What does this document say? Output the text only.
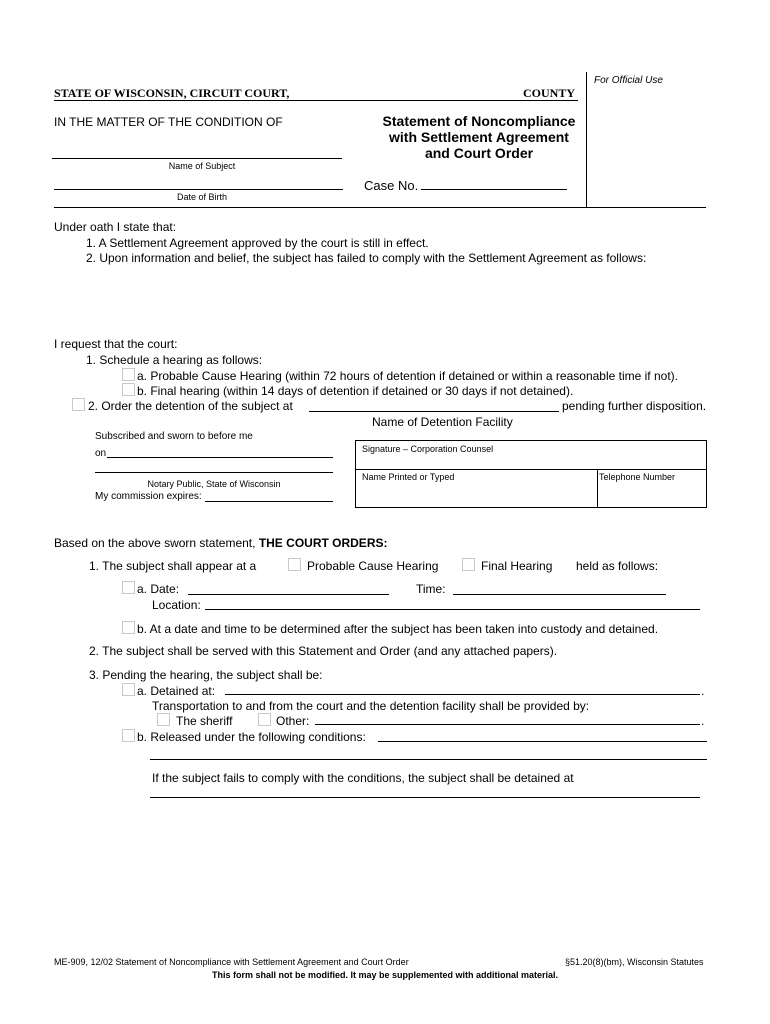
For Official Use
STATE OF WISCONSIN, CIRCUIT COURT,	COUNTY
IN THE MATTER OF THE CONDITION OF	Statement of Noncompliance
with Settlement Agreement
and Court Order
Name of Subject
Date of Birth
Case No.
Under oath I state that:
1. A Settlement Agreement approved by the court is still in effect.
2. Upon information and belief, the subject has failed to comply with the Settlement Agreement as follows:
I request that the court:
1. Schedule a hearing as follows:
a. Probable Cause Hearing (within 72 hours of detention if detained or within a reasonable time if not).
b. Final hearing (within 14 days of detention if detained or 30 days if not detained).
2. Order the detention of the subject at	pending further disposition.
Name of Detention Facility
Subscribed and sworn to before me
on
Notary Public, State of Wisconsin
My commission expires:
Signature – Corporation Counsel
Name Printed or Typed	Telephone Number
Based on the above sworn statement, THE COURT ORDERS:
1. The subject shall appear at a	Probable Cause Hearing	Final Hearing held as follows:
a. Date:	Time:
Location:
b. At a date and time to be determined after the subject has been taken into custody and detained.
2. The subject shall be served with this Statement and Order (and any attached papers).
3. Pending the hearing, the subject shall be:
a. Detained at:	.
Transportation to and from the court and the detention facility shall be provided by:
The sheriff	Other:	.
b. Released under the following conditions:
If the subject fails to comply with the conditions, the subject shall be detained at
ME-909, 12/02 Statement of Noncompliance with Settlement Agreement and Court Order	§51.20(8)(bm), Wisconsin Statutes
This form shall not be modified. It may be supplemented with additional material.
